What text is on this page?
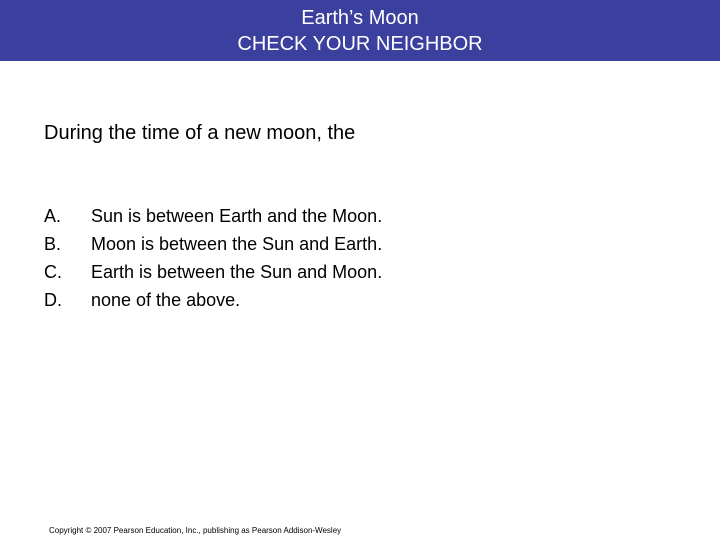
Earth’s Moon
CHECK YOUR NEIGHBOR
During the time of a new moon, the
A.	Sun is between Earth and the Moon.
B.	Moon is between the Sun and Earth.
C.	Earth is between the Sun and Moon.
D.	none of the above.
Copyright © 2007 Pearson Education, Inc., publishing as Pearson Addison-Wesley
